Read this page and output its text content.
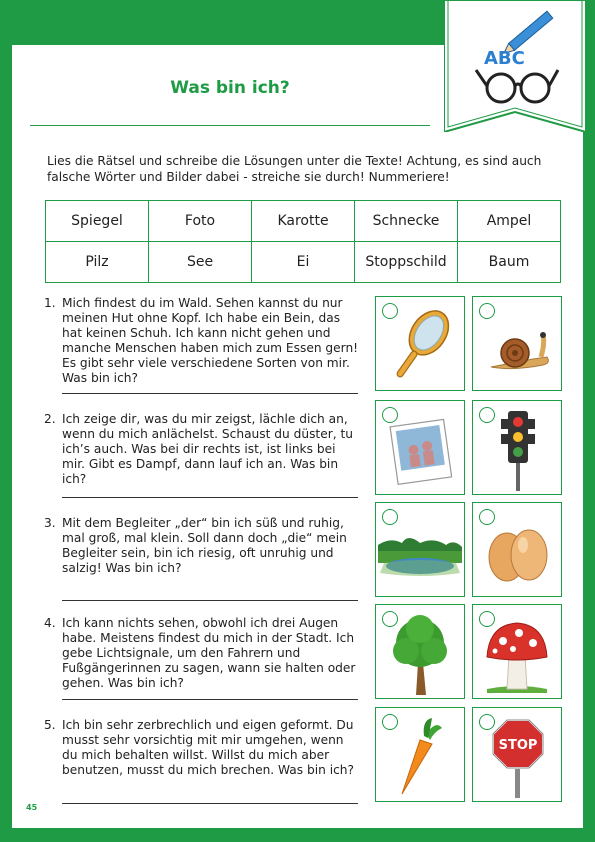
ABC
Was bin ich?
Lies die Rätsel und schreibe die Lösungen unter die Texte! Achtung, es sind auch falsche Wörter und Bilder dabei - streiche sie durch! Nummeriere!
Spiegel	Foto	Karotte	Schnecke	Ampel
Pilz	See	Ei	Stoppschild	Baum
1. Mich findest du im Wald. Sehen kannst du nur meinen Hut ohne Kopf. Ich habe ein Bein, das hat keinen Schuh. Ich kann nicht gehen und manche Menschen haben mich zum Essen gern! Es gibt sehr viele verschiedene Sorten von mir. Was bin ich?
2. Ich zeige dir, was du mir zeigst, lächle dich an, wenn du mich anlächelst. Schaust du düster, tu ich’s auch. Was bei dir rechts ist, ist links bei mir. Gibt es Dampf, dann lauf ich an. Was bin ich?
3. Mit dem Begleiter „der“ bin ich süß und ruhig, mal groß, mal klein. Soll dann doch „die“ mein Begleiter sein, bin ich riesig, oft unruhig und salzig! Was bin ich?
4. Ich kann nichts sehen, obwohl ich drei Augen habe. Meistens findest du mich in der Stadt. Ich gebe Lichtsignale, um den Fahrern und Fußgängerinnen zu sagen, wann sie halten oder gehen. Was bin ich?
5. Ich bin sehr zerbrechlich und eigen geformt. Du musst sehr vorsichtig mit mir umgehen, wenn du mich behalten willst. Willst du mich aber benutzen, musst du mich brechen. Was bin ich?
STOP
45
